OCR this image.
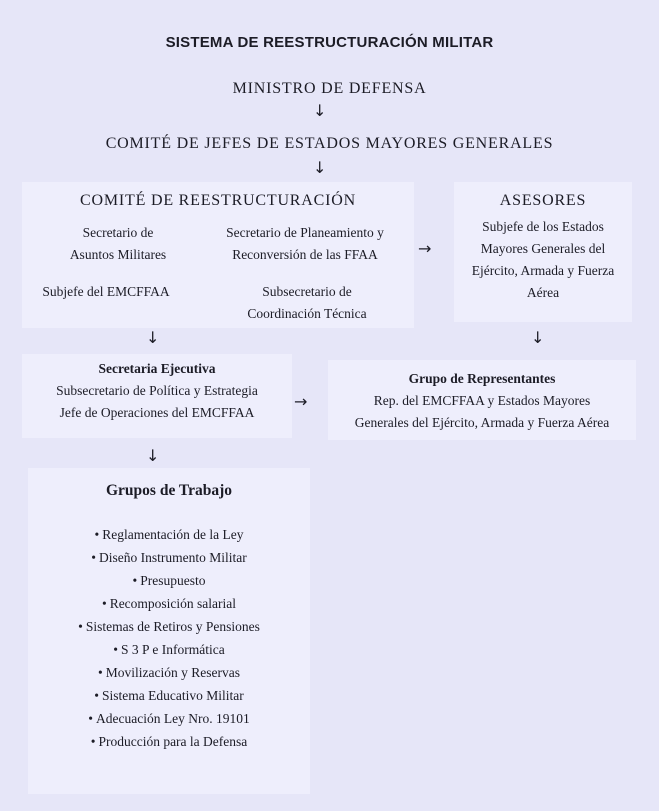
SISTEMA DE REESTRUCTURACIÓN MILITAR
MINISTRO DE DEFENSA
↓
COMITÉ DE JEFES DE ESTADOS MAYORES GENERALES
↓
COMITÉ DE REESTRUCTURACIÓN
Secretario de
Asuntos Militares
Secretario de Planeamiento y
Reconversión de las FFAA
Subjefe del EMCFFAA	Subsecretario de
Coordinación Técnica
→
ASESORES
Subjefe de los Estados
Mayores Generales del
Ejército, Armada y Fuerza
Aérea
↓	↓
Secretaria Ejecutiva
Subsecretario de Política y Estrategia
Jefe de Operaciones del EMCFFAA
→
Grupo de Representantes
Rep. del EMCFFAA y Estados Mayores
Generales del Ejército, Armada y Fuerza Aérea
↓
Grupos de Trabajo
• Reglamentación de la Ley
• Diseño Instrumento Militar
• Presupuesto
• Recomposición salarial
• Sistemas de Retiros y Pensiones
• S 3 P e Informática
• Movilización y Reservas
• Sistema Educativo Militar
• Adecuación Ley Nro. 19101
• Producción para la Defensa
